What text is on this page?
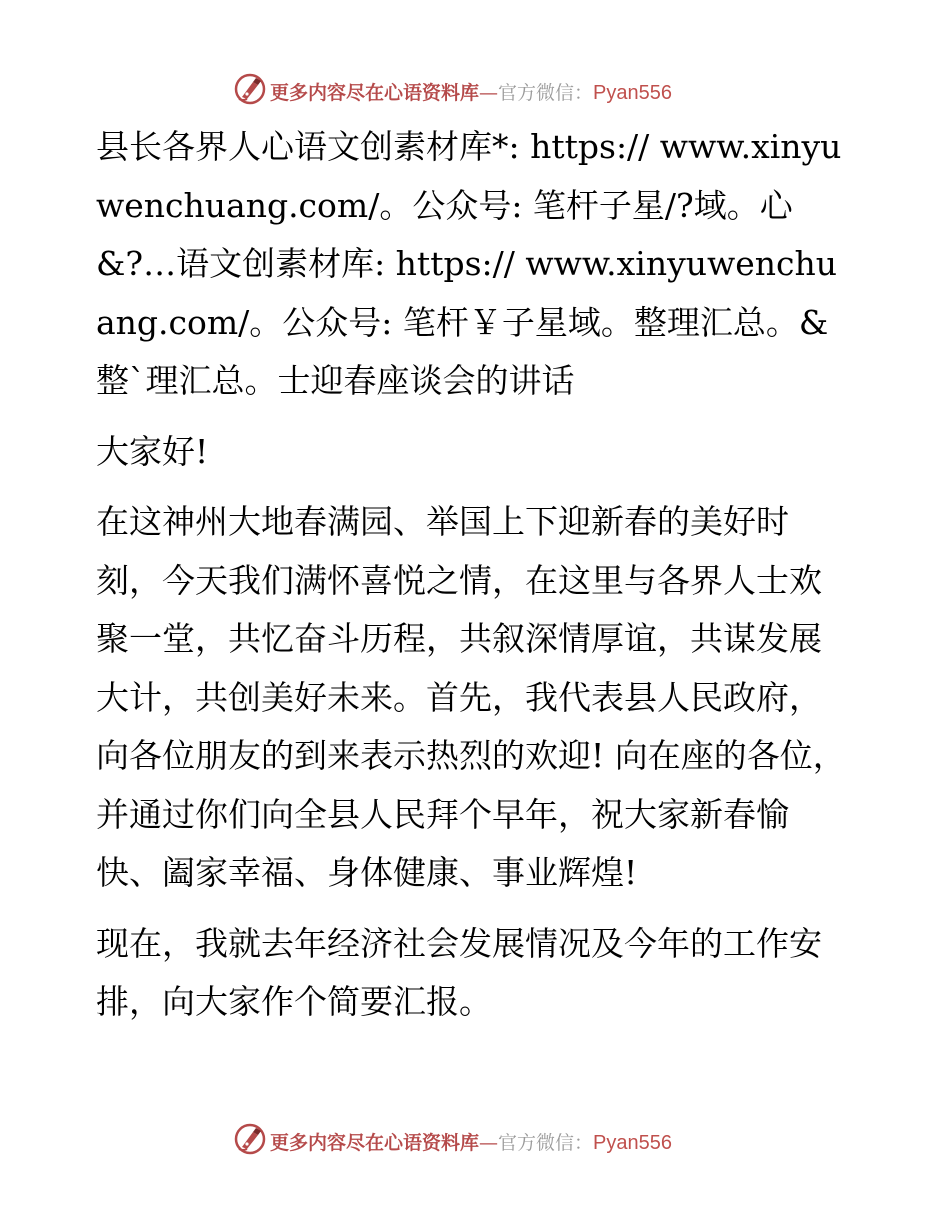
更多内容尽在心语资料库—官方微信：Pyan556

县长各界人心语文创素材库*: https:// www.xinyuwenchuang.com/。公众号: 笔杆子星/?域。心&?…语文创素材库: https:// www.xinyuwenchuang.com/。公众号: 笔杆￥子星域。整理汇总。&整`理汇总。士迎春座谈会的讲话

大家好!

在这神州大地春满园、举国上下迎新春的美好时刻，今天我们满怀喜悦之情，在这里与各界人士欢聚一堂，共忆奋斗历程，共叙深情厚谊，共谋发展大计，共创美好未来。首先，我代表县人民政府，向各位朋友的到来表示热烈的欢迎! 向在座的各位，并通过你们向全县人民拜个早年，祝大家新春愉快、阖家幸福、身体健康、事业辉煌!

现在，我就去年经济社会发展情况及今年的工作安排，向大家作个简要汇报。

更多内容尽在心语资料库—官方微信：Pyan556
